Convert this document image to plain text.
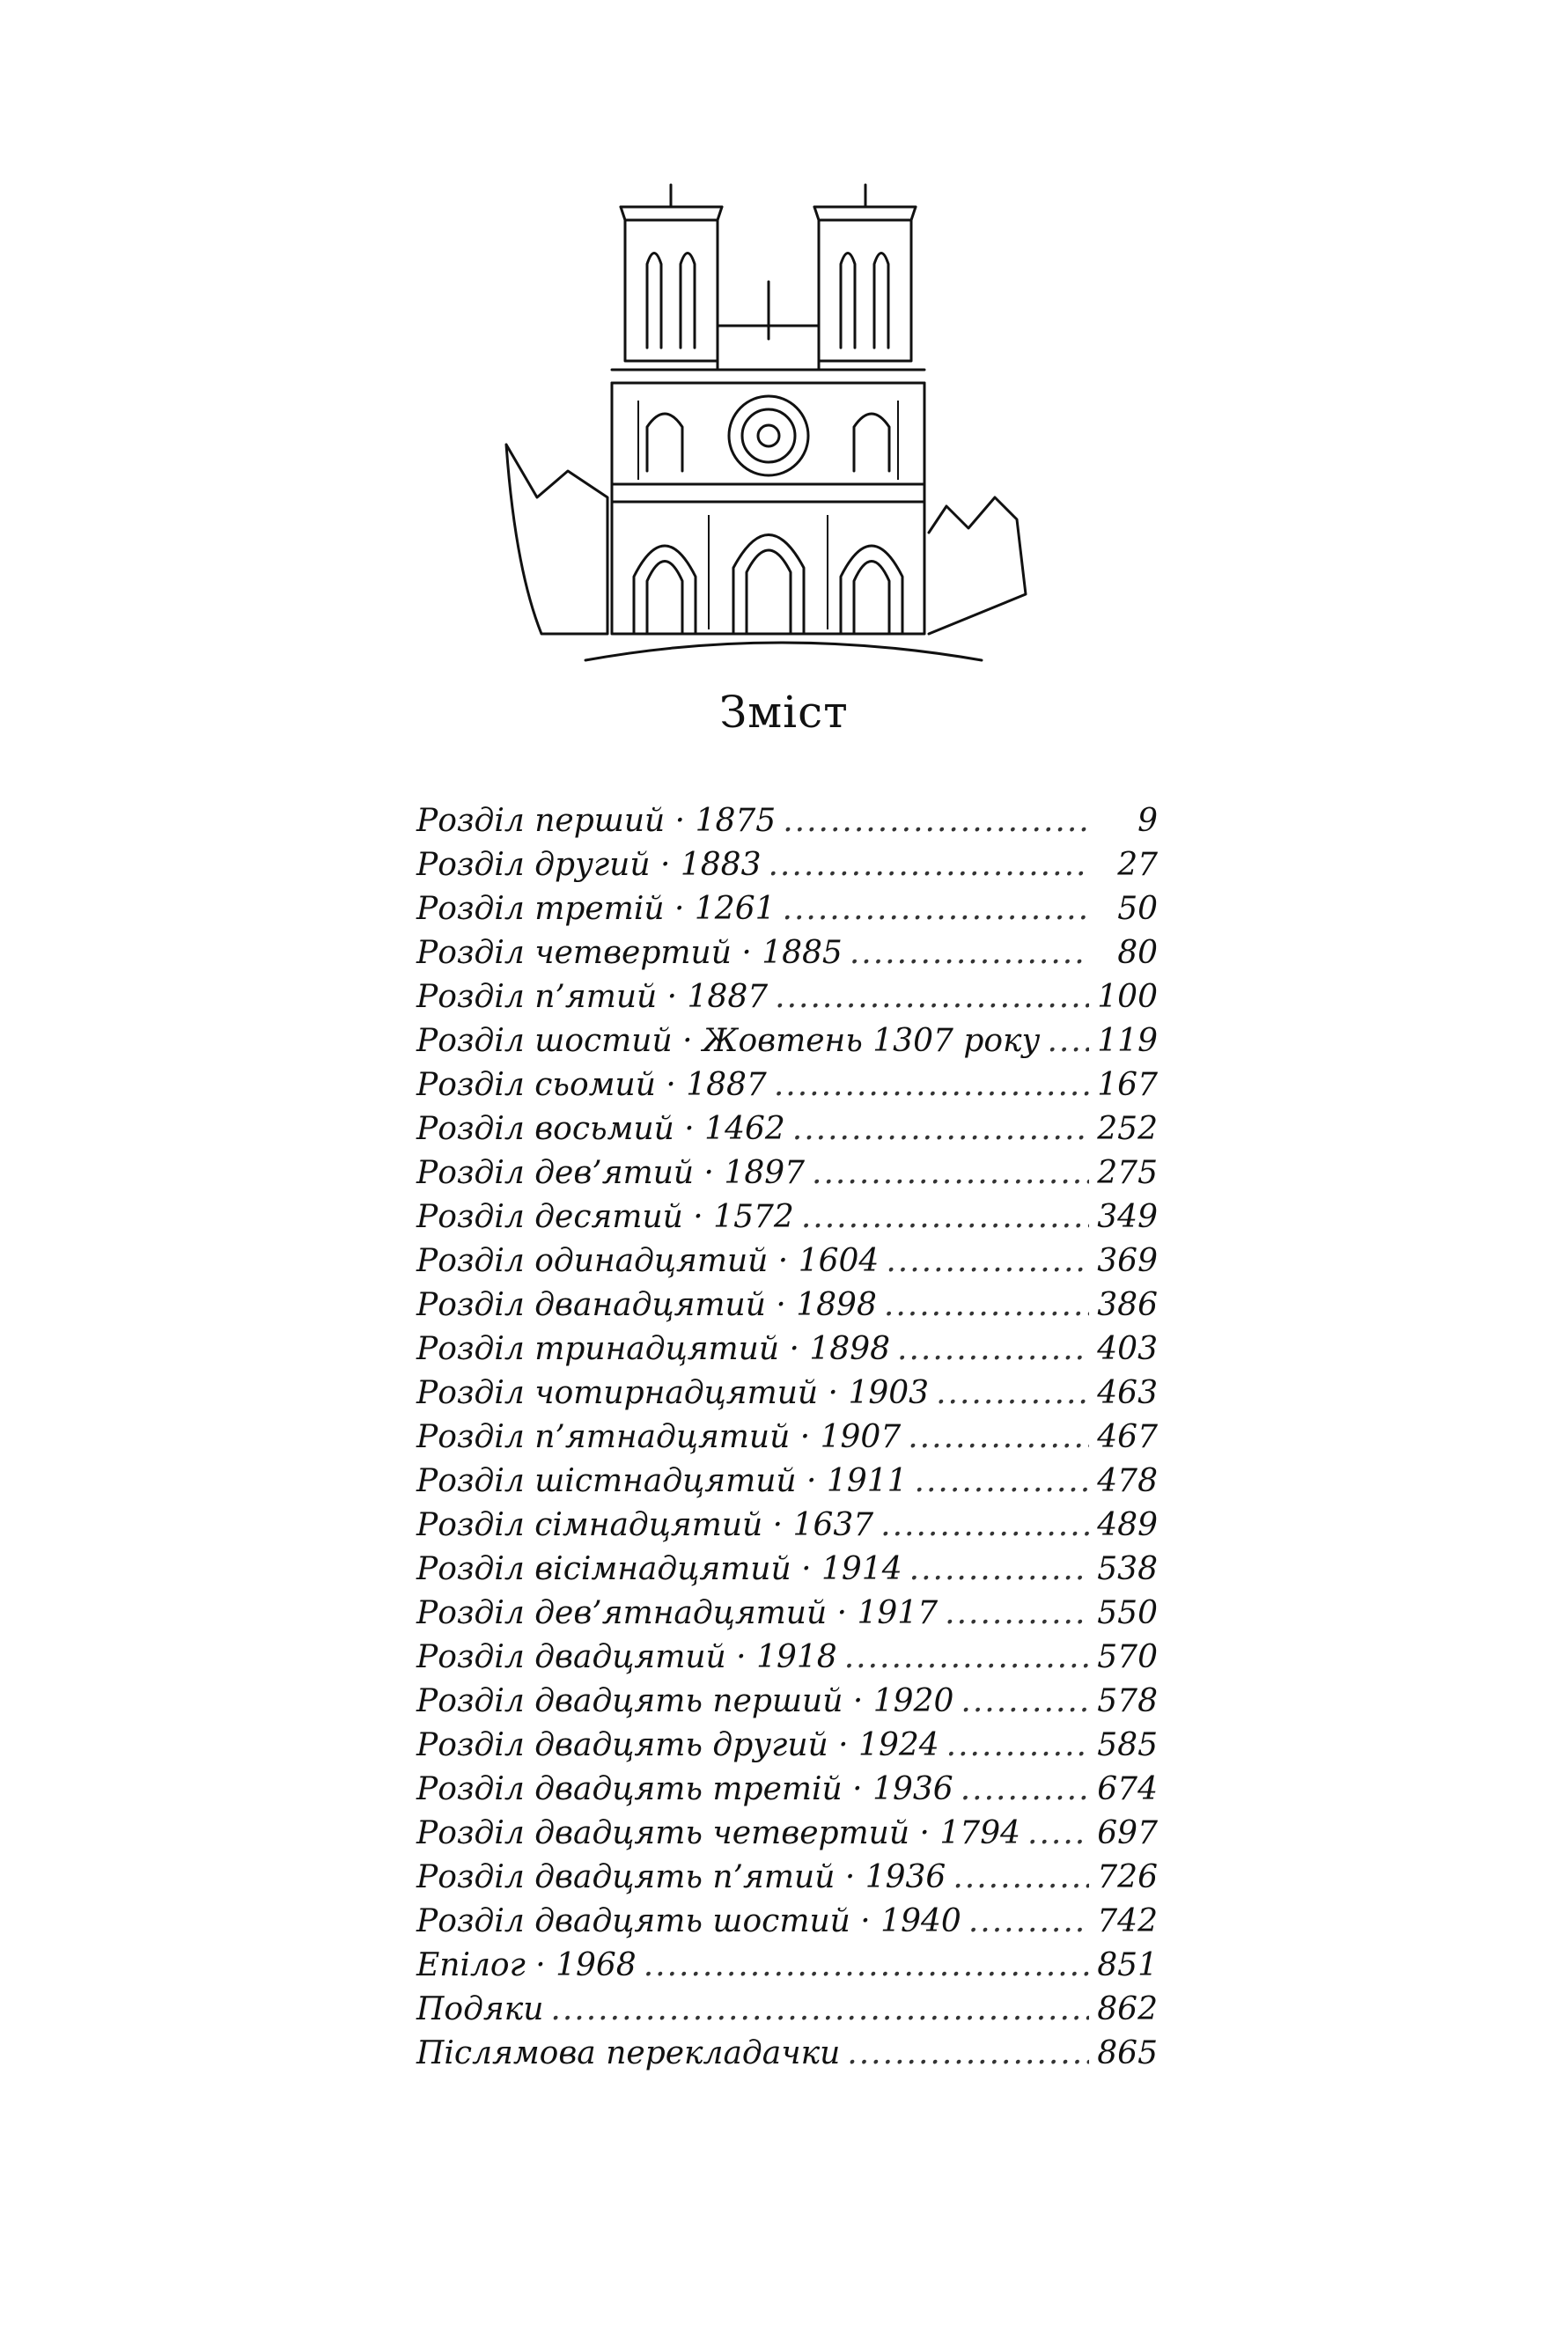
Зміст
Розділ перший · 1875 .....	9
Розділ другий · 1883 .....	27
Розділ третій · 1261 .....	50
Розділ четвертий · 1885 .....	80
Розділ п’ятий · 1887 .....	100
Розділ шостий · Жовтень 1307 року ..... 119
Розділ сьомий · 1887 .....	167
Розділ восьмий · 1462 .....	252
Розділ дев’ятий · 1897 .....	275
Розділ десятий · 1572 .....	349
Розділ одинадцятий · 1604 .....	369
Розділ дванадцятий · 1898 .....	386
Розділ тринадцятий · 1898 .....	403
Розділ чотирнадцятий · 1903 .....	463
Розділ п’ятнадцятий · 1907 .....	467
Розділ шістнадцятий · 1911 .....	478
Розділ сімнадцятий · 1637 .....	489
Розділ вісімнадцятий · 1914 .....	538
Розділ дев’ятнадцятий · 1917 .....	550
Розділ двадцятий · 1918 .....	570
Розділ двадцять перший · 1920 .....	578
Розділ двадцять другий · 1924 .....	585
Розділ двадцять третій · 1936 .....	674
Розділ двадцять четвертий · 1794 ..... 697
Розділ двадцять п’ятий · 1936 .....	726
Розділ двадцять шостий · 1940 .....	742
Епілог · 1968 .....	851
Подяки .....	862
Післямова перекладачки .....	865
